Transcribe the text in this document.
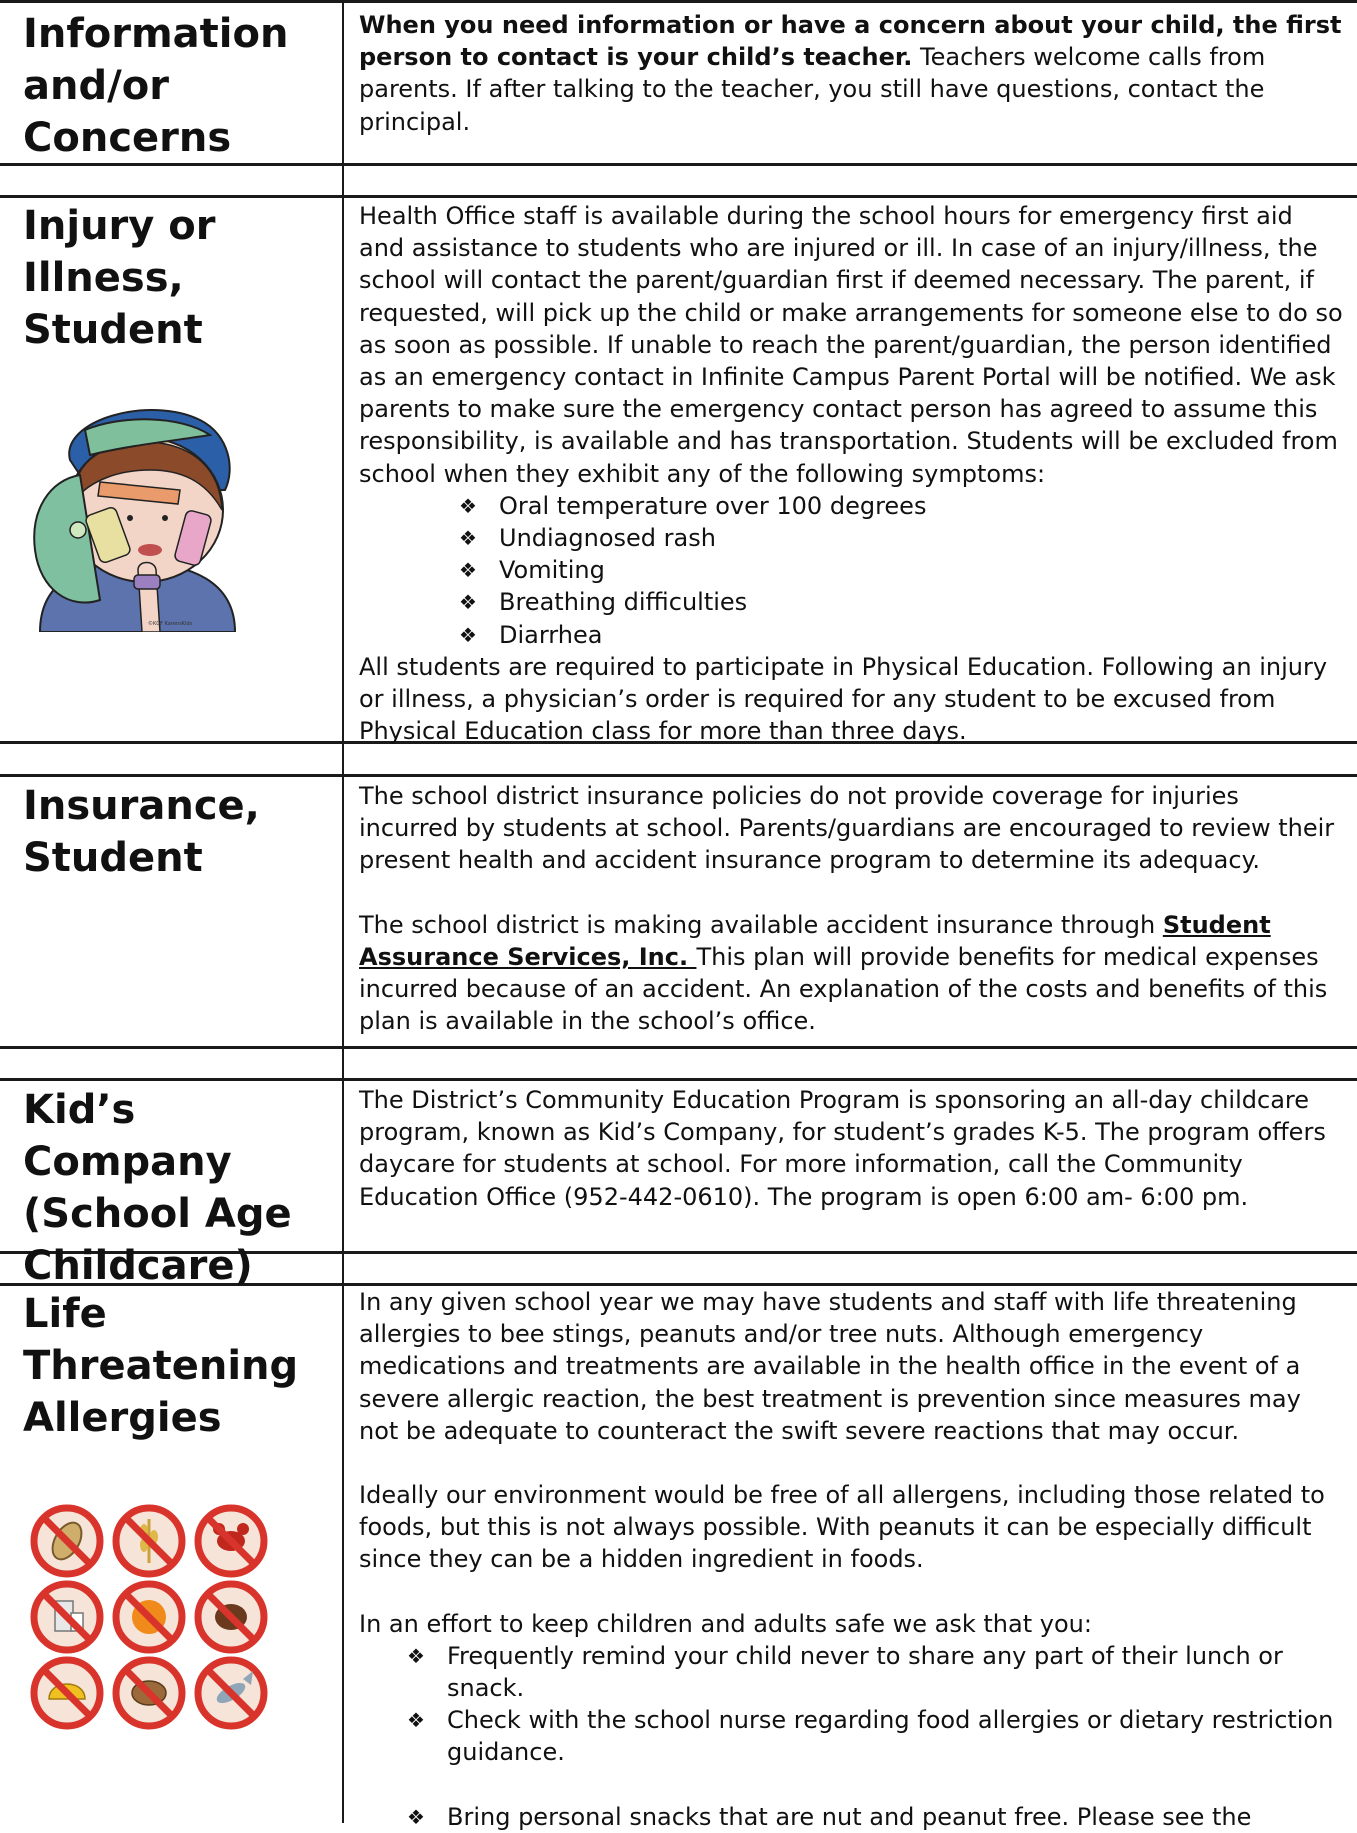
Information
and/or
Concerns

When you need information or have a concern about your child, the first person to contact is your child’s teacher. Teachers welcome calls from parents. If after talking to the teacher, you still have questions, contact the principal.

Injury or
Illness,
Student
©KGF KarensKids

Health Office staff is available during the school hours for emergency first aid and assistance to students who are injured or ill. In case of an injury/illness, the school will contact the parent/guardian first if deemed necessary. The parent, if requested, will pick up the child or make arrangements for someone else to do so as soon as possible. If unable to reach the parent/guardian, the person identified as an emergency contact in Infinite Campus Parent Portal will be notified. We ask parents to make sure the emergency contact person has agreed to assume this responsibility, is available and has transportation. Students will be excluded from school when they exhibit any of the following symptoms:

❖ Oral temperature over 100 degrees
❖ Undiagnosed rash
❖ Vomiting
❖ Breathing difficulties
❖ Diarrhea

All students are required to participate in Physical Education. Following an injury or illness, a physician’s order is required for any student to be excused from Physical Education class for more than three days.

Insurance,
Student

The school district insurance policies do not provide coverage for injuries incurred by students at school. Parents/guardians are encouraged to review their present health and accident insurance program to determine its adequacy.

The school district is making available accident insurance through Student Assurance Services, Inc. This plan will provide benefits for medical expenses incurred because of an accident. An explanation of the costs and benefits of this plan is available in the school’s office.

Kid’s Company
(School Age
Childcare)

The District’s Community Education Program is sponsoring an all-day childcare program, known as Kid’s Company, for student’s grades K-5. The program offers daycare for students at school. For more information, call the Community Education Office (952-442-0610). The program is open 6:00 am- 6:00 pm.

Life
Threatening
Allergies

In any given school year we may have students and staff with life threatening allergies to bee stings, peanuts and/or tree nuts. Although emergency medications and treatments are available in the health office in the event of a severe allergic reaction, the best treatment is prevention since measures may not be adequate to counteract the swift severe reactions that may occur.

Ideally our environment would be free of all allergens, including those related to foods, but this is not always possible. With peanuts it can be especially difficult since they can be a hidden ingredient in foods.

In an effort to keep children and adults safe we ask that you:

❖ Frequently remind your child never to share any part of their lunch or snack.
❖ Check with the school nurse regarding food allergies or dietary restriction guidance.
❖ Bring personal snacks that are nut and peanut free. Please see the
